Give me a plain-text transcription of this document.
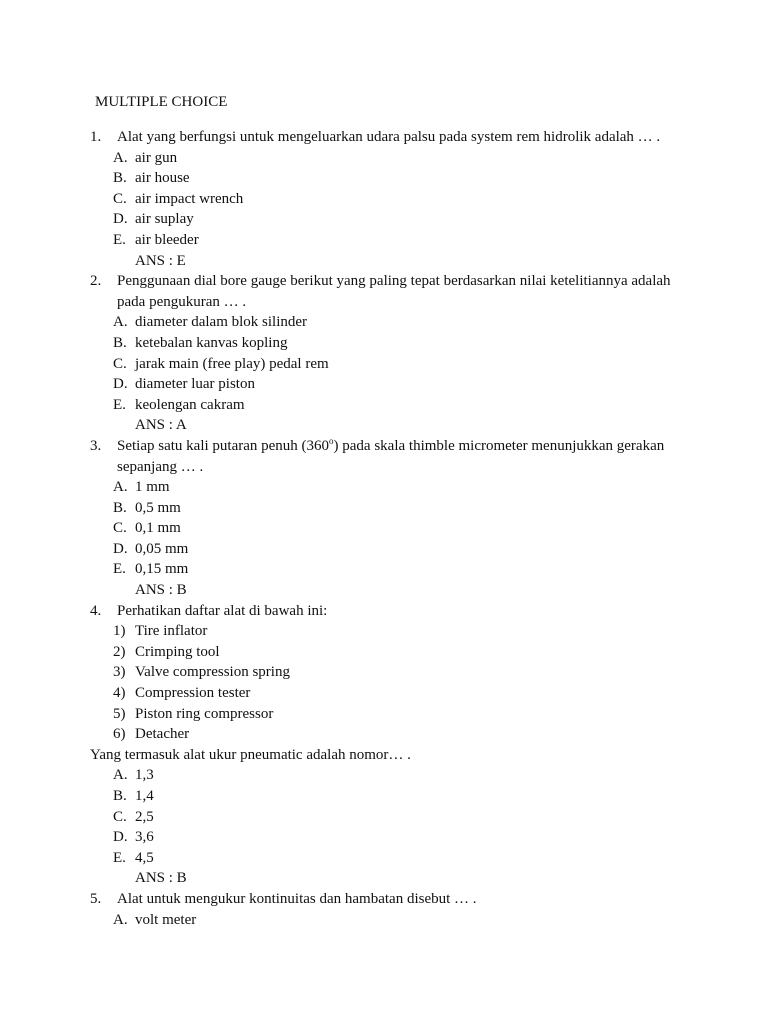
MULTIPLE CHOICE
1. Alat yang berfungsi untuk mengeluarkan udara palsu pada system rem hidrolik adalah … .
A. air gun
B. air house
C. air impact wrench
D. air suplay
E. air bleeder
ANS : E
2. Penggunaan dial bore gauge berikut yang paling tepat berdasarkan nilai ketelitiannya adalah
pada pengukuran … .
A. diameter dalam blok silinder
B. ketebalan kanvas kopling
C. jarak main (free play) pedal rem
D. diameter luar piston
E. keolengan cakram
ANS : A
3. Setiap satu kali putaran penuh (360$^o$) pada skala thimble micrometer menunjukkan gerakan
sepanjang … .
A. 1 mm
B. 0,5 mm
C. 0,1 mm
D. 0,05 mm
E. 0,15 mm
ANS : B
4. Perhatikan daftar alat di bawah ini:
1) Tire inflator
2) Crimping tool
3) Valve compression spring
4) Compression tester
5) Piston ring compressor
6) Detacher
Yang termasuk alat ukur pneumatic adalah nomor… .
A. 1,3
B. 1,4
C. 2,5
D. 3,6
E. 4,5
ANS : B
5. Alat untuk mengukur kontinuitas dan hambatan disebut … .
A. volt meter
